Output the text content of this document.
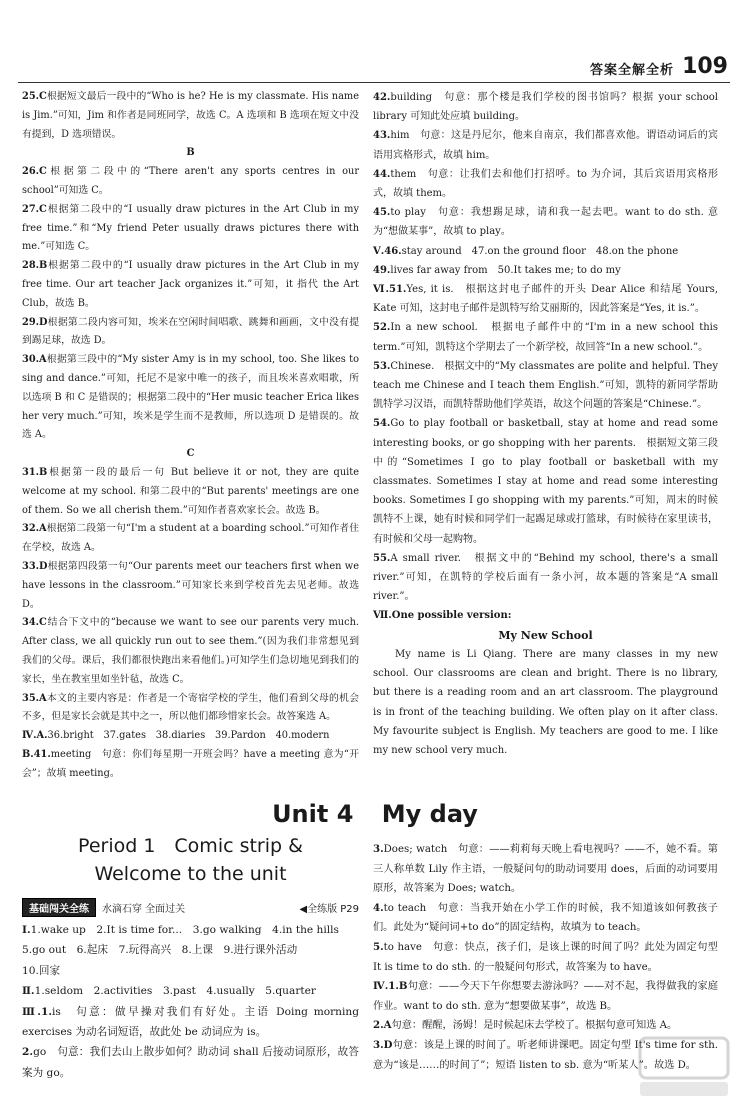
答案全解全析 109
25.C根据短文最后一段中的“Who is he? He is my classmate. His name is Jim.”可知，Jim 和作者是同班同学，故选 C。A 选项和 B 选项在短文中没有提到，D 选项错误。
B
26.C根据第二段中的“There aren't any sports centres in our school”可知选 C。
27.C根据第二段中的“I usually draw pictures in the Art Club in my free time.”和“My friend Peter usually draws pictures there with me.”可知选 C。
28.B根据第二段中的“I usually draw pictures in the Art Club in my free time. Our art teacher Jack organizes it.”可知，it 指代 the Art Club，故选 B。
29.D根据第二段内容可知，埃米在空闲时间唱歌、跳舞和画画，文中没有提到踢足球，故选 D。
30.A根据第三段中的“My sister Amy is in my school, too. She likes to sing and dance.”可知，托尼不是家中唯一的孩子，而且埃米喜欢唱歌，所以选项 B 和 C 是错误的；根据第二段中的“Her music teacher Erica likes her very much.”可知，埃米是学生而不是教师，所以选项 D 是错误的。故选 A。
C
31.B根据第一段的最后一句 But believe it or not, they are quite welcome at my school. 和第二段中的“But parents' meetings are one of them. So we all cherish them.”可知作者喜欢家长会。故选 B。
32.A根据第二段第一句“I'm a student at a boarding school.”可知作者住在学校，故选 A。
33.D根据第四段第一句“Our parents meet our teachers first when we have lessons in the classroom.”可知家长来到学校首先去见老师。故选 D。
34.C结合下文中的“because we want to see our parents very much. After class, we all quickly run out to see them.”(因为我们非常想见到我们的父母。课后，我们都很快跑出来看他们。)可知学生们急切地见到我们的家长，坐在教室里如坐针毡，故选 C。
35.A本文的主要内容是：作者是一个寄宿学校的学生，他们看到父母的机会不多，但是家长会就是其中之一，所以他们都珍惜家长会。故答案选 A。
Ⅳ.A.36.bright　37.gates　38.diaries　39.Pardon　40.modern
B.41.meeting　句意：你们每星期一开班会吗？have a meeting 意为“开会”；故填 meeting。
42.building　句意：那个楼是我们学校的图书馆吗？根据 your school library 可知此处应填 building。
43.him　句意：这是丹尼尔，他来自南京，我们都喜欢他。谓语动词后的宾语用宾格形式，故填 him。
44.them　句意：让我们去和他们打招呼。to 为介词，其后宾语用宾格形式，故填 them。
45.to play　句意：我想踢足球，请和我一起去吧。want to do sth. 意为“想做某事”，故填 to play。
Ⅴ.46.stay around　47.on the ground floor　48.on the phone
49.lives far away from　50.It takes me; to do my
Ⅵ.51.Yes, it is.　根据这封电子邮件的开头 Dear Alice 和结尾 Yours, Kate 可知，这封电子邮件是凯特写给艾丽斯的，因此答案是“Yes, it is.”。
52.In a new school.　根据电子邮件中的“I'm in a new school this term.”可知，凯特这个学期去了一个新学校，故回答“In a new school.”。
53.Chinese.　根据文中的“My classmates are polite and helpful. They teach me Chinese and I teach them English.”可知，凯特的新同学帮助凯特学习汉语，而凯特帮助他们学英语，故这个问题的答案是“Chinese.”。
54.Go to play football or basketball, stay at home and read some interesting books, or go shopping with her parents.　根据短文第三段中的“Sometimes I go to play football or basketball with my classmates. Sometimes I stay at home and read some interesting books. Sometimes I go shopping with my parents.”可知，周末的时候凯特不上课，她有时候和同学们一起踢足球或打篮球，有时候待在家里读书，有时候和父母一起购物。
55.A small river.　根据文中的“Behind my school, there's a small river.”可知，在凯特的学校后面有一条小河，故本题的答案是“A small river.”。
Ⅶ.One possible version:
My New School
My name is Li Qiang. There are many classes in my new school. Our classrooms are clean and bright. There is no library, but there is a reading room and an art classroom. The playground is in front of the teaching building. We often play on it after class. My favourite subject is English. My teachers are good to me. I like my new school very much.
Unit 4 My day
Period 1　Comic strip &
Welcome to the unit
基础闯关全练	水滴石穿 全面过关	◀全练版 P29
Ⅰ.1.wake up　2.It is time for...　3.go walking　4.in the hills
5.go out　6.起床　7.玩得高兴　8.上课　9.进行课外活动
10.回家
Ⅱ.1.seldom　2.activities　3.past　4.usually　5.quarter
Ⅲ.1.is　句意：做早操对我们有好处。主语 Doing morning exercises 为动名词短语，故此处 be 动词应为 is。
2.go　句意：我们去山上散步如何？助动词 shall 后接动词原形，故答案为 go。
3.Does; watch　句意：——莉莉每天晚上看电视吗？——不，她不看。第三人称单数 Lily 作主语，一般疑问句的助动词要用 does，后面的动词要用原形，故答案为 Does; watch。
4.to teach　句意：当我开始在小学工作的时候，我不知道该如何教孩子们。此处为“疑问词+to do”的固定结构，故填为 to teach。
5.to have　句意：快点，孩子们，是该上课的时间了吗？此处为固定句型 It is time to do sth. 的一般疑问句形式，故答案为 to have。
Ⅳ.1.B句意：——今天下午你想要去游泳吗？——对不起，我得做我的家庭作业。want to do sth. 意为“想要做某事”，故选 B。
2.A句意：醒醒，汤姆！是时候起床去学校了。根据句意可知选 A。
3.D句意：该是上课的时间了。听老师讲课吧。固定句型 It's time for sth. 意为“该是……的时间了”；短语 listen to sb. 意为“听某人”。故选 D。
